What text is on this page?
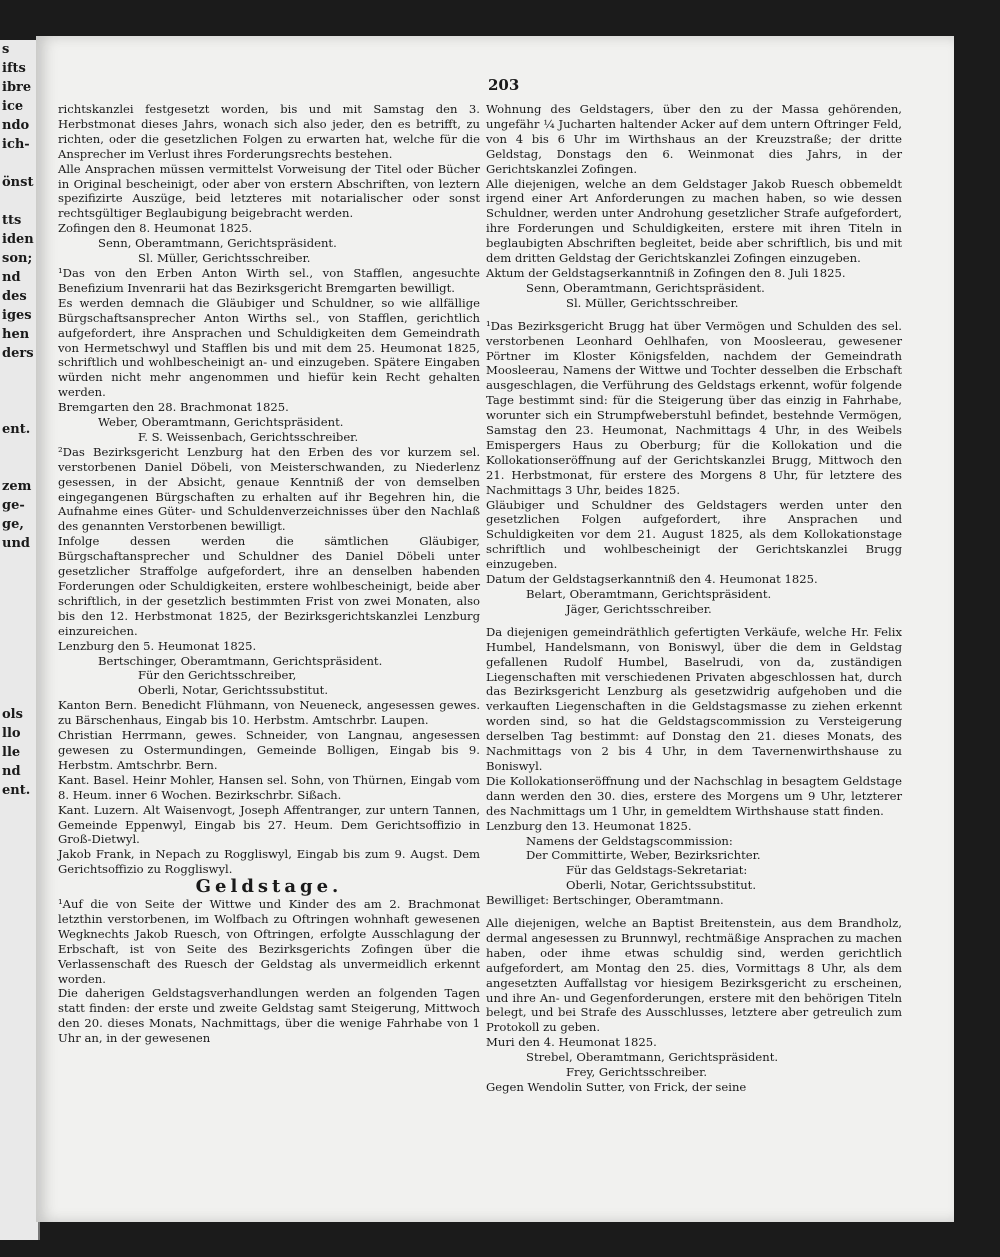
s
ifts
ibre
ice
ndo
ich-

önst

tts
iden
son;
nd
des
iges
hen
ders

ent.

zem
ge-
ge,
und

ols
llo
lle
nd
ent.

203

richtskanzlei festgesetzt worden, bis und mit Samstag den 3. Herbstmonat dieses Jahrs, wonach sich also jeder, den es betrifft, zu richten, oder die gesetzlichen Folgen zu erwarten hat, welche für die Ansprecher im Verlust ihres Forderungsrechts bestehen.

Alle Ansprachen müssen vermittelst Vorweisung der Titel oder Bücher in Original bescheinigt, oder aber von erstern Abschriften, von leztern spezifizirte Auszüge, beid letzteres mit notarialischer oder sonst rechtsgültiger Beglaubigung beigebracht werden.

Zofingen den 8. Heumonat 1825.

Senn, Oberamtmann, Gerichtspräsident.

Sl. Müller, Gerichtsschreiber.

¹Das von den Erben Anton Wirth sel., von Stafflen, angesuchte Benefizium Invenrarii hat das Bezirksgericht Bremgarten bewilligt.

Es werden demnach die Gläubiger und Schuldner, so wie allfällige Bürgschaftsansprecher Anton Wirths sel., von Stafflen, gerichtlich aufgefordert, ihre Ansprachen und Schuldigkeiten dem Gemeindrath von Hermetschwyl und Stafflen bis und mit dem 25. Heumonat 1825, schriftlich und wohlbescheinigt an- und einzugeben. Spätere Eingaben würden nicht mehr angenommen und hiefür kein Recht gehalten werden.

Bremgarten den 28. Brachmonat 1825.

Weber, Oberamtmann, Gerichtspräsident.

F. S. Weissenbach, Gerichtsschreiber.

²Das Bezirksgericht Lenzburg hat den Erben des vor kurzem sel. verstorbenen Daniel Döbeli, von Meisterschwanden, zu Niederlenz gesessen, in der Absicht, genaue Kenntniß der von demselben eingegangenen Bürgschaften zu erhalten auf ihr Begehren hin, die Aufnahme eines Güter- und Schuldenverzeichnisses über den Nachlaß des genannten Verstorbenen bewilligt.

Infolge dessen werden die sämtlichen Gläubiger, Bürgschaftansprecher und Schuldner des Daniel Döbeli unter gesetzlicher Straffolge aufgefordert, ihre an denselben habenden Forderungen oder Schuldigkeiten, erstere wohlbescheinigt, beide aber schriftlich, in der gesetzlich bestimmten Frist von zwei Monaten, also bis den 12. Herbstmonat 1825, der Bezirksgerichtskanzlei Lenzburg einzureichen.

Lenzburg den 5. Heumonat 1825.

Bertschinger, Oberamtmann, Gerichtspräsident.

Für den Gerichtsschreiber,

Oberli, Notar, Gerichtssubstitut.

Kanton Bern. Benedicht Flühmann, von Neueneck, angesessen gewes. zu Bärschenhaus, Eingab bis 10. Herbstm. Amtschrbr. Laupen.

Christian Herrmann, gewes. Schneider, von Langnau, angesessen gewesen zu Ostermundingen, Gemeinde Bolligen, Eingab bis 9. Herbstm. Amtschrbr. Bern.

Kant. Basel. Heinr Mohler, Hansen sel. Sohn, von Thürnen, Eingab vom 8. Heum. inner 6 Wochen. Bezirkschrbr. Sißach.

Kant. Luzern. Alt Waisenvogt, Joseph Affentranger, zur untern Tannen, Gemeinde Eppenwyl, Eingab bis 27. Heum. Dem Gerichtsoffizio in Groß-Dietwyl.

Jakob Frank, in Nepach zu Roggliswyl, Eingab bis zum 9. Augst. Dem Gerichtsoffizio zu Roggliswyl.

Geldstage.

¹Auf die von Seite der Wittwe und Kinder des am 2. Brachmonat letzthin verstorbenen, im Wolfbach zu Oftringen wohnhaft gewesenen Wegknechts Jakob Ruesch, von Oftringen, erfolgte Ausschlagung der Erbschaft, ist von Seite des Bezirksgerichts Zofingen über die Verlassenschaft des Ruesch der Geldstag als unvermeidlich erkennt worden.

Die daherigen Geldstagsverhandlungen werden an folgenden Tagen statt finden: der erste und zweite Geldstag samt Steigerung, Mittwoch den 20. dieses Monats, Nachmittags, über die wenige Fahrhabe von 1 Uhr an, in der gewesenen

Wohnung des Geldstagers, über den zu der Massa gehörenden, ungefähr ¼ Jucharten haltender Acker auf dem untern Oftringer Feld, von 4 bis 6 Uhr im Wirthshaus an der Kreuzstraße; der dritte Geldstag, Donstags den 6. Weinmonat dies Jahrs, in der Gerichtskanzlei Zofingen.

Alle diejenigen, welche an dem Geldstager Jakob Ruesch obbemeldt irgend einer Art Anforderungen zu machen haben, so wie dessen Schuldner, werden unter Androhung gesetzlicher Strafe aufgefordert, ihre Forderungen und Schuldigkeiten, erstere mit ihren Titeln in beglaubigten Abschriften begleitet, beide aber schriftlich, bis und mit dem dritten Geldstag der Gerichtskanzlei Zofingen einzugeben.

Aktum der Geldstagserkanntniß in Zofingen den 8. Juli 1825.

Senn, Oberamtmann, Gerichtspräsident.

Sl. Müller, Gerichtsschreiber.

¹Das Bezirksgericht Brugg hat über Vermögen und Schulden des sel. verstorbenen Leonhard Oehlhafen, von Moosleerau, gewesener Pörtner im Kloster Königsfelden, nachdem der Gemeindrath Moosleerau, Namens der Wittwe und Tochter desselben die Erbschaft ausgeschlagen, die Verführung des Geldstags erkennt, wofür folgende Tage bestimmt sind: für die Steigerung über das einzig in Fahrhabe, worunter sich ein Strumpfweberstuhl befindet, bestehnde Vermögen, Samstag den 23. Heumonat, Nachmittags 4 Uhr, in des Weibels Emispergers Haus zu Oberburg; für die Kollokation und die Kollokationseröffnung auf der Gerichtskanzlei Brugg, Mittwoch den 21. Herbstmonat, für erstere des Morgens 8 Uhr, für letztere des Nachmittags 3 Uhr, beides 1825.

Gläubiger und Schuldner des Geldstagers werden unter den gesetzlichen Folgen aufgefordert, ihre Ansprachen und Schuldigkeiten vor dem 21. August 1825, als dem Kollokationstage schriftlich und wohlbescheinigt der Gerichtskanzlei Brugg einzugeben.

Datum der Geldstagserkanntniß den 4. Heumonat 1825.

Belart, Oberamtmann, Gerichtspräsident.

Jäger, Gerichtsschreiber.

Da diejenigen gemeindräthlich gefertigten Verkäufe, welche Hr. Felix Humbel, Handelsmann, von Boniswyl, über die dem in Geldstag gefallenen Rudolf Humbel, Baselrudi, von da, zuständigen Liegenschaften mit verschiedenen Privaten abgeschlossen hat, durch das Bezirksgericht Lenzburg als gesetzwidrig aufgehoben und die verkauften Liegenschaften in die Geldstagsmasse zu ziehen erkennt worden sind, so hat die Geldstagscommission zu Versteigerung derselben Tag bestimmt: auf Donstag den 21. dieses Monats, des Nachmittags von 2 bis 4 Uhr, in dem Tavernenwirthshause zu Boniswyl.

Die Kollokationseröffnung und der Nachschlag in besagtem Geldstage dann werden den 30. dies, erstere des Morgens um 9 Uhr, letzterer des Nachmittags um 1 Uhr, in gemeldtem Wirthshause statt finden.

Lenzburg den 13. Heumonat 1825.

Namens der Geldstagscommission:

Der Committirte, Weber, Bezirksrichter.

Für das Geldstags-Sekretariat:

Oberli, Notar, Gerichtssubstitut.

Bewilliget: Bertschinger, Oberamtmann.

Alle diejenigen, welche an Baptist Breitenstein, aus dem Brandholz, dermal angesessen zu Brunnwyl, rechtmäßige Ansprachen zu machen haben, oder ihme etwas schuldig sind, werden gerichtlich aufgefordert, am Montag den 25. dies, Vormittags 8 Uhr, als dem angesetzten Auffallstag vor hiesigem Bezirksgericht zu erscheinen, und ihre An- und Gegenforderungen, erstere mit den behörigen Titeln belegt, und bei Strafe des Ausschlusses, letztere aber getreulich zum Protokoll zu geben.

Muri den 4. Heumonat 1825.

Strebel, Oberamtmann, Gerichtspräsident.

Frey, Gerichtsschreiber.

Gegen Wendolin Sutter, von Frick, der seine
